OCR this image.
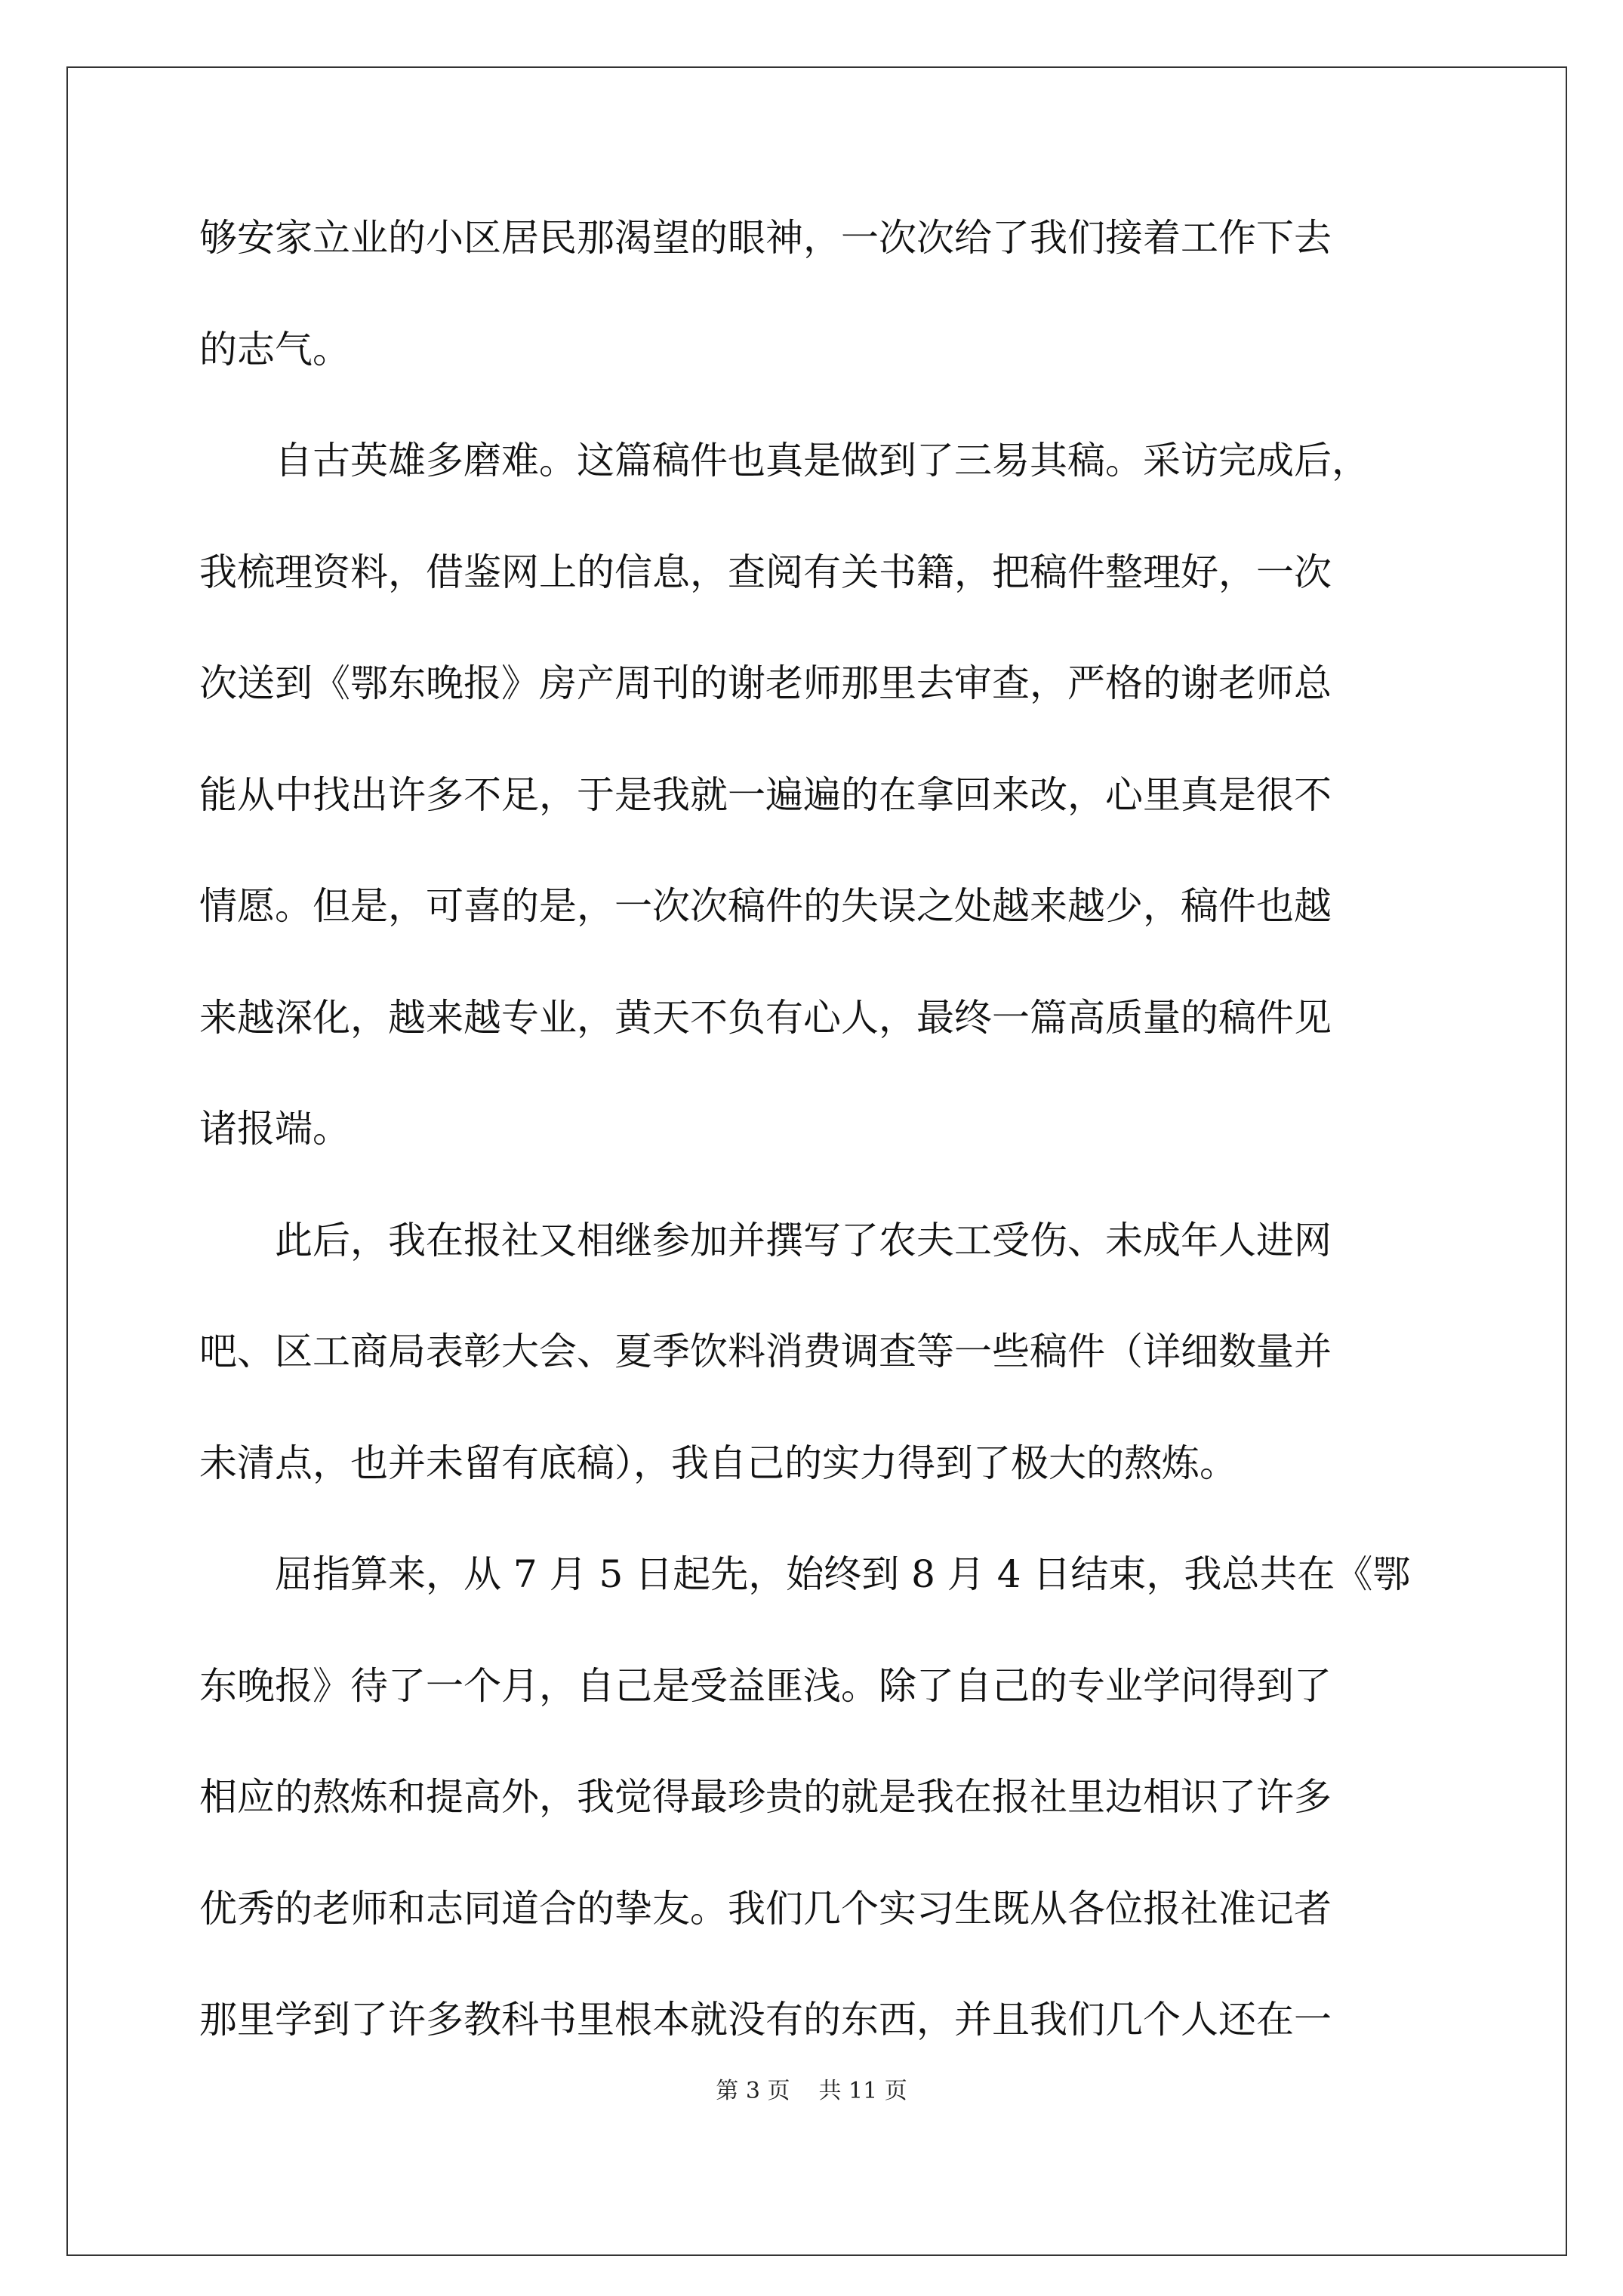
够安家立业的小区居民那渴望的眼神，一次次给了我们接着工作下去
的志气。
　　自古英雄多磨难。这篇稿件也真是做到了三易其稿。采访完成后，
我梳理资料，借鉴网上的信息，查阅有关书籍，把稿件整理好，一次
次送到《鄂东晚报》房产周刊的谢老师那里去审查，严格的谢老师总
能从中找出许多不足，于是我就一遍遍的在拿回来改，心里真是很不
情愿。但是，可喜的是，一次次稿件的失误之处越来越少，稿件也越
来越深化，越来越专业，黄天不负有心人，最终一篇高质量的稿件见
诸报端。
　　此后，我在报社又相继参加并撰写了农夫工受伤、未成年人进网
吧、区工商局表彰大会、夏季饮料消费调查等一些稿件（详细数量并
未清点，也并未留有底稿），我自己的实力得到了极大的熬炼。
　　屈指算来，从 7 月 5 日起先，始终到 8 月 4 日结束，我总共在《鄂
东晚报》待了一个月，自己是受益匪浅。除了自己的专业学问得到了
相应的熬炼和提高外，我觉得最珍贵的就是我在报社里边相识了许多
优秀的老师和志同道合的挚友。我们几个实习生既从各位报社准记者
那里学到了许多教科书里根本就没有的东西，并且我们几个人还在一
第 3 页 共 11 页
